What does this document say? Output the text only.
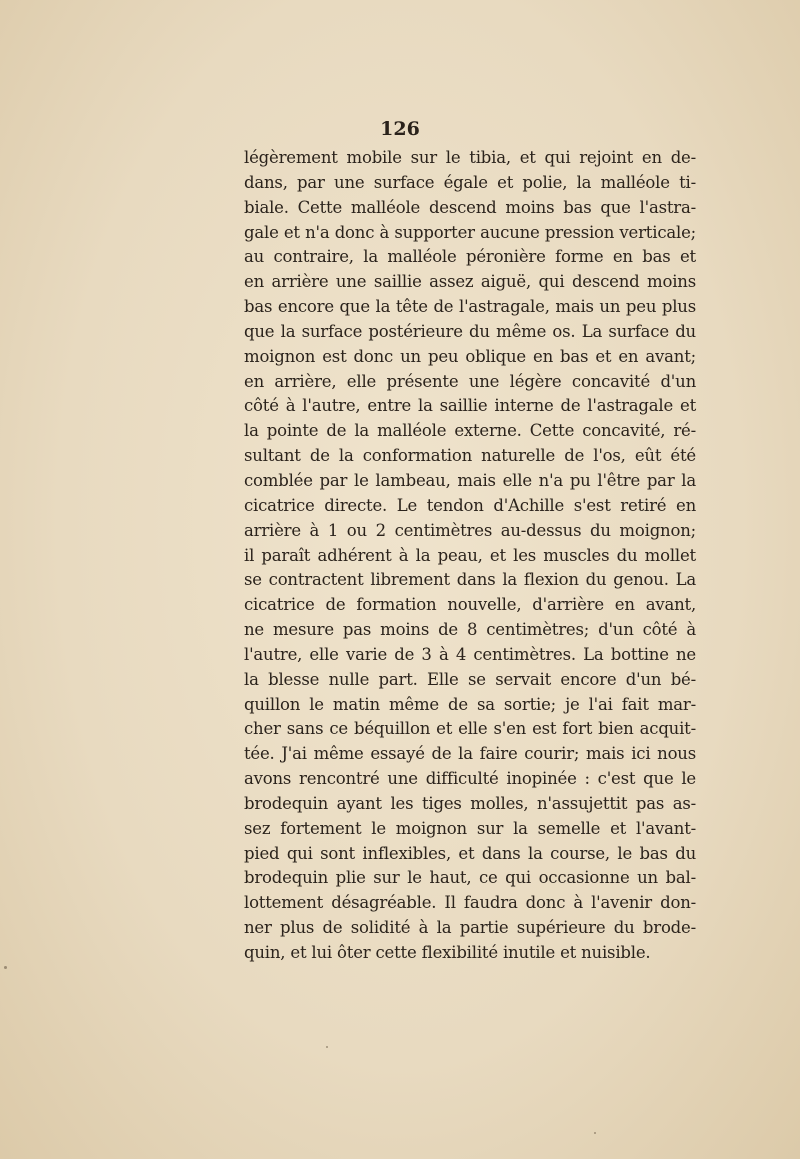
126
légèrement mobile sur le tibia, et qui rejoint en de-
dans, par une surface égale et polie, la malléole ti-
biale. Cette malléole descend moins bas que l'astra-
gale et n'a donc à supporter aucune pression verticale;
au contraire, la malléole péronière forme en bas et
en arrière une saillie assez aiguë, qui descend moins
bas encore que la tête de l'astragale, mais un peu plus
que la surface postérieure du même os. La surface du
moignon est donc un peu oblique en bas et en avant;
en arrière, elle présente une légère concavité d'un
côté à l'autre, entre la saillie interne de l'astragale et
la pointe de la malléole externe. Cette concavité, ré-
sultant de la conformation naturelle de l'os, eût été
comblée par le lambeau, mais elle n'a pu l'être par la
cicatrice directe. Le tendon d'Achille s'est retiré en
arrière à 1 ou 2 centimètres au-dessus du moignon;
il paraît adhérent à la peau, et les muscles du mollet
se contractent librement dans la flexion du genou. La
cicatrice de formation nouvelle, d'arrière en avant,
ne mesure pas moins de 8 centimètres; d'un côté à
l'autre, elle varie de 3 à 4 centimètres. La bottine ne
la blesse nulle part. Elle se servait encore d'un bé-
quillon le matin même de sa sortie; je l'ai fait mar-
cher sans ce béquillon et elle s'en est fort bien acquit-
tée. J'ai même essayé de la faire courir; mais ici nous
avons rencontré une difficulté inopinée : c'est que le
brodequin ayant les tiges molles, n'assujettit pas as-
sez fortement le moignon sur la semelle et l'avant-
pied qui sont inflexibles, et dans la course, le bas du
brodequin plie sur le haut, ce qui occasionne un bal-
lottement désagréable. Il faudra donc à l'avenir don-
ner plus de solidité à la partie supérieure du brode-
quin, et lui ôter cette flexibilité inutile et nuisible.
